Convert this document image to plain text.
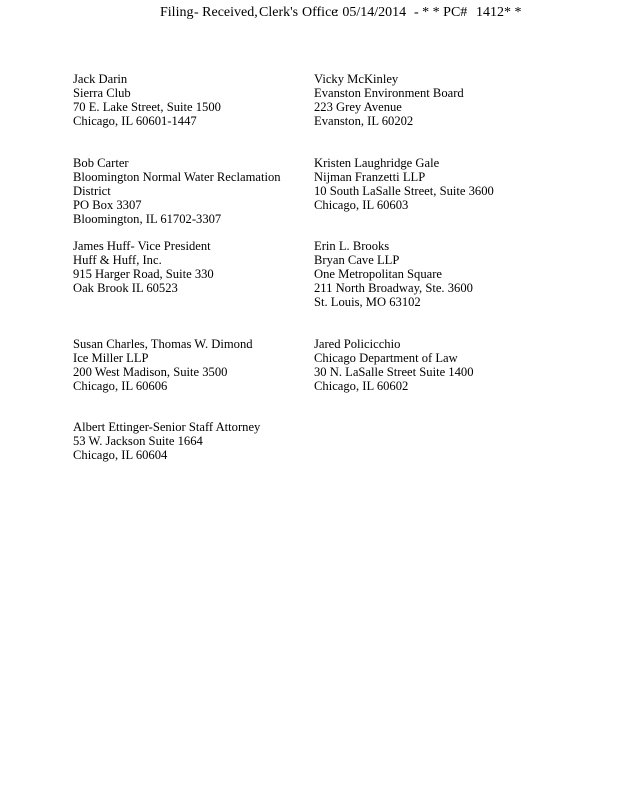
Filing

- Received,

Clerk's

Office

: 05/14/2014

- * * PC#

1412* *

Jack Darin
Sierra Club
70 E. Lake Street, Suite 1500
Chicago, IL 60601-1447
Vicky McKinley
Evanston Environment Board
223 Grey Avenue
Evanston, IL 60202
Bob Carter
Bloomington Normal Water Reclamation
District
PO Box 3307
Bloomington, IL 61702-3307
Kristen Laughridge Gale
Nijman Franzetti LLP
10 South LaSalle Street, Suite 3600
Chicago, IL 60603
James Huff- Vice President
Huff & Huff, Inc.
915 Harger Road, Suite 330
Oak Brook IL 60523
Erin L. Brooks
Bryan Cave LLP
One Metropolitan Square
211 North Broadway, Ste. 3600
St. Louis, MO 63102
Susan Charles, Thomas W. Dimond
Ice Miller LLP
200 West Madison, Suite 3500
Chicago, IL 60606
Jared Policicchio
Chicago Department of Law
30 N. LaSalle Street Suite 1400
Chicago, IL 60602
Albert Ettinger-Senior Staff Attorney
53 W. Jackson Suite 1664
Chicago, IL 60604
